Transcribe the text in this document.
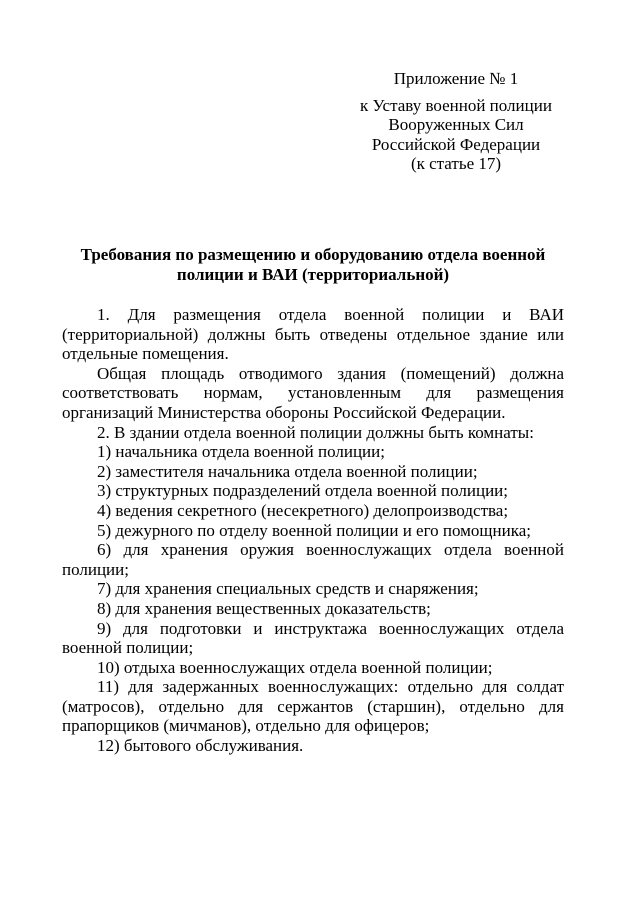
Приложение № 1

к Уставу военной полиции

Вооруженных Сил

Российской Федерации

(к статье 17)

Требования по размещению и оборудованию отдела военной полиции и ВАИ (территориальной)

1. Для размещения отдела военной полиции и ВАИ (территориальной) должны быть отведены отдельное здание или отдельные помещения.

Общая площадь отводимого здания (помещений) должна соответствовать нормам, установленным для размещения организаций Министерства обороны Российской Федерации.

2. В здании отдела военной полиции должны быть комнаты:

1) начальника отдела военной полиции;

2) заместителя начальника отдела военной полиции;

3) структурных подразделений отдела военной полиции;

4) ведения секретного (несекретного) делопроизводства;

5) дежурного по отделу военной полиции и его помощника;

6) для хранения оружия военнослужащих отдела военной полиции;

7) для хранения специальных средств и снаряжения;

8) для хранения вещественных доказательств;

9) для подготовки и инструктажа военнослужащих отдела военной полиции;

10) отдыха военнослужащих отдела военной полиции;

11) для задержанных военнослужащих: отдельно для солдат (матросов), отдельно для сержантов (старшин), отдельно для прапорщиков (мичманов), отдельно для офицеров;

12) бытового обслуживания.
